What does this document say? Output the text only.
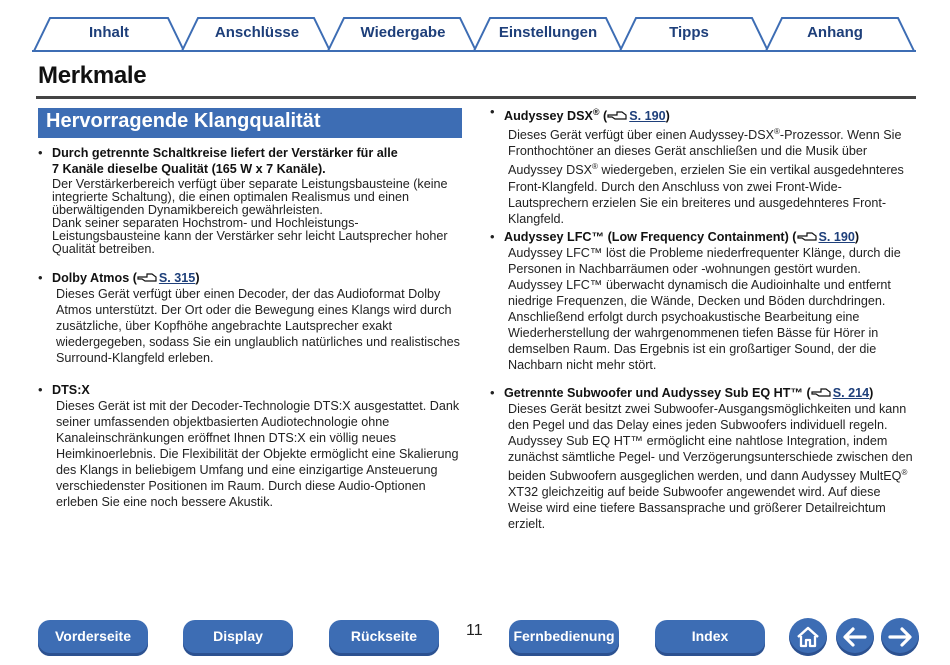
Inhalt	Anschlüsse	Wiedergabe	Einstellungen	Tipps	Anhang
Merkmale
Hervorragende Klangqualität
• Durch getrennte Schaltkreise liefert der Verstärker für alle
7 Kanäle dieselbe Qualität (165 W x 7 Kanäle).
Der Verstärkerbereich verfügt über separate Leistungsbausteine (keine integrierte Schaltung), die einen optimalen Realismus und einen überwältigenden Dynamikbereich gewährleisten.
Dank seiner separaten Hochstrom- und Hochleistungs-Leistungsbausteine kann der Verstärker sehr leicht Lautsprecher hoher Qualität betreiben.
• Dolby Atmos ( S. 315)
Dieses Gerät verfügt über einen Decoder, der das Audioformat Dolby Atmos unterstützt. Der Ort oder die Bewegung eines Klangs wird durch zusätzliche, über Kopfhöhe angebrachte Lautsprecher exakt wiedergegeben, sodass Sie ein unglaublich natürliches und realistisches Surround-Klangfeld erleben.
• DTS:X
Dieses Gerät ist mit der Decoder-Technologie DTS:X ausgestattet. Dank seiner umfassenden objektbasierten Audiotechnologie ohne Kanaleinschränkungen eröffnet Ihnen DTS:X ein völlig neues Heimkinoerlebnis. Die Flexibilität der Objekte ermöglicht eine Skalierung des Klangs in beliebigem Umfang und eine einzigartige Ansteuerung verschiedenster Positionen im Raum. Durch diese Audio-Optionen erleben Sie eine noch bessere Akustik.
• Audyssey DSX® ( S. 190)
Dieses Gerät verfügt über einen Audyssey-DSX®-Prozessor. Wenn Sie Fronthochtöner an dieses Gerät anschließen und die Musik über Audyssey DSX® wiedergeben, erzielen Sie ein vertikal ausgedehnteres Front-Klangfeld. Durch den Anschluss von zwei Front-Wide-Lautsprechern erzielen Sie ein breiteres und ausgedehnteres Front-Klangfeld.
• Audyssey LFC™ (Low Frequency Containment) ( S. 190)
Audyssey LFC™ löst die Probleme niederfrequenter Klänge, durch die Personen in Nachbarräumen oder -wohnungen gestört wurden. Audyssey LFC™ überwacht dynamisch die Audioinhalte und entfernt niedrige Frequenzen, die Wände, Decken und Böden durchdringen. Anschließend erfolgt durch psychoakustische Bearbeitung eine Wiederherstellung der wahrgenommenen tiefen Bässe für Hörer in demselben Raum. Das Ergebnis ist ein großartiger Sound, der die Nachbarn nicht mehr stört.
• Getrennte Subwoofer und Audyssey Sub EQ HT™ ( S. 214)
Dieses Gerät besitzt zwei Subwoofer-Ausgangsmöglichkeiten und kann den Pegel und das Delay eines jeden Subwoofers individuell regeln.
Audyssey Sub EQ HT™ ermöglicht eine nahtlose Integration, indem zunächst sämtliche Pegel- und Verzögerungsunterschiede zwischen den beiden Subwoofern ausgeglichen werden, und dann Audyssey MultEQ® XT32 gleichzeitig auf beide Subwoofer angewendet wird. Auf diese Weise wird eine tiefere Bassansprache und größerer Detailreichtum erzielt.
Vorderseite	Display	Rückseite	11	Fernbedienung	Index
